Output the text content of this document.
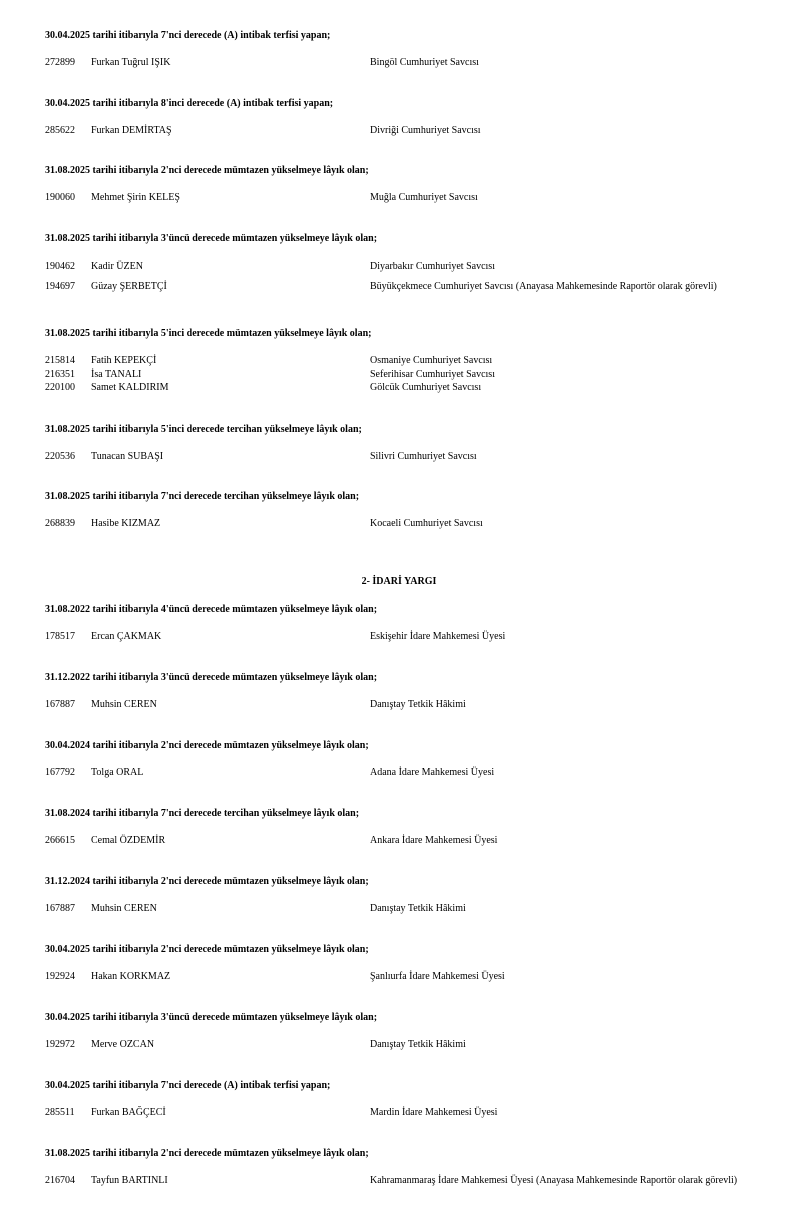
30.04.2025 tarihi itibarıyla 7'nci derecede (A) intibak terfisi yapan;
272899 Furkan Tuğrul IŞIK	Bingöl Cumhuriyet Savcısı
30.04.2025 tarihi itibarıyla 8'inci derecede (A) intibak terfisi yapan;
285622 Furkan DEMİRTAŞ	Divriği Cumhuriyet Savcısı
31.08.2025 tarihi itibarıyla 2'nci derecede mümtazen yükselmeye lâyık olan;
190060 Mehmet Şirin KELEŞ	Muğla Cumhuriyet Savcısı
31.08.2025 tarihi itibarıyla 3'üncü derecede mümtazen yükselmeye lâyık olan;
190462 Kadir ÜZEN	Diyarbakır Cumhuriyet Savcısı
194697 Güzay ŞERBETÇİ	Büyükçekmece Cumhuriyet Savcısı (Anayasa Mahkemesinde Raportör olarak görevli)
31.08.2025 tarihi itibarıyla 5'inci derecede mümtazen yükselmeye lâyık olan;
215814 Fatih KEPEKÇİ	Osmaniye Cumhuriyet Savcısı
216351 İsa TANALI	Seferihisar Cumhuriyet Savcısı
220100 Samet KALDIRIM	Gölcük Cumhuriyet Savcısı
31.08.2025 tarihi itibarıyla 5'inci derecede tercihan yükselmeye lâyık olan;
220536 Tunacan SUBAŞI	Silivri Cumhuriyet Savcısı
31.08.2025 tarihi itibarıyla 7'nci derecede tercihan yükselmeye lâyık olan;
268839 Hasibe KIZMAZ	Kocaeli Cumhuriyet Savcısı
2- İDARİ YARGI
31.08.2022 tarihi itibarıyla 4'üncü derecede mümtazen yükselmeye lâyık olan;
178517 Ercan ÇAKMAK	Eskişehir İdare Mahkemesi Üyesi
31.12.2022 tarihi itibarıyla 3'üncü derecede mümtazen yükselmeye lâyık olan;
167887 Muhsin CEREN	Danıştay Tetkik Hâkimi
30.04.2024 tarihi itibarıyla 2'nci derecede mümtazen yükselmeye lâyık olan;
167792 Tolga ORAL	Adana İdare Mahkemesi Üyesi
31.08.2024 tarihi itibarıyla 7'nci derecede tercihan yükselmeye lâyık olan;
266615 Cemal ÖZDEMİR	Ankara İdare Mahkemesi Üyesi
31.12.2024 tarihi itibarıyla 2'nci derecede mümtazen yükselmeye lâyık olan;
167887 Muhsin CEREN	Danıştay Tetkik Hâkimi
30.04.2025 tarihi itibarıyla 2'nci derecede mümtazen yükselmeye lâyık olan;
192924 Hakan KORKMAZ	Şanlıurfa İdare Mahkemesi Üyesi
30.04.2025 tarihi itibarıyla 3'üncü derecede mümtazen yükselmeye lâyık olan;
192972 Merve OZCAN	Danıştay Tetkik Hâkimi
30.04.2025 tarihi itibarıyla 7'nci derecede (A) intibak terfisi yapan;
285511 Furkan BAĞÇECİ	Mardin İdare Mahkemesi Üyesi
31.08.2025 tarihi itibarıyla 2'nci derecede mümtazen yükselmeye lâyık olan;
216704 Tayfun BARTINLI	Kahramanmaraş İdare Mahkemesi Üyesi (Anayasa Mahkemesinde Raportör olarak görevli)
